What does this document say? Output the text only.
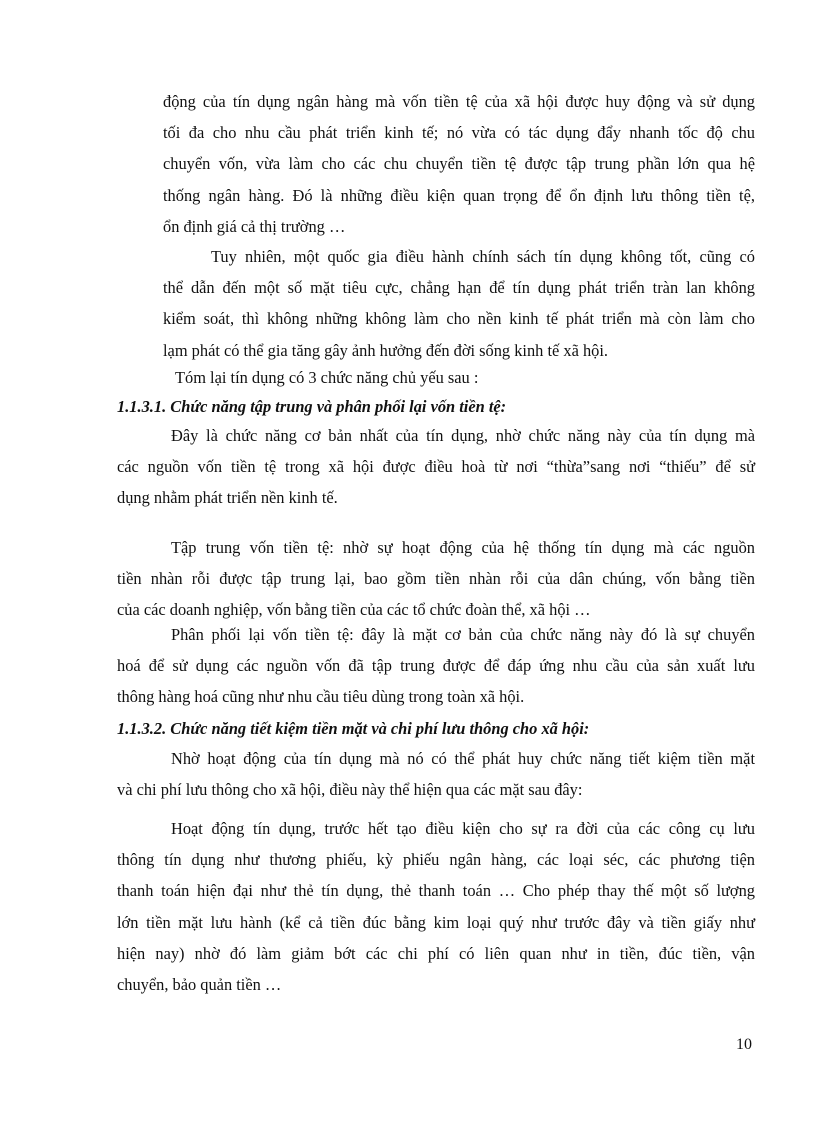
động của tín dụng ngân hàng mà vốn tiền tệ của xã hội được huy động và sử dụng
tối đa cho nhu cầu phát triển kinh tế; nó vừa có tác dụng đẩy nhanh tốc độ chu
chuyển vốn, vừa làm cho các chu chuyển tiền tệ được tập trung phần lớn qua hệ
thống ngân hàng. Đó là những điều kiện quan trọng để ổn định lưu thông tiền tệ,
ổn định giá cả thị trường …
Tuy nhiên, một quốc gia điều hành chính sách tín dụng không tốt, cũng có
thể dẫn đến một số mặt tiêu cực, chẳng hạn để tín dụng phát triển tràn lan không
kiểm soát, thì không những không làm cho nền kinh tế phát triển mà còn làm cho
lạm phát có thể gia tăng gây ảnh hưởng đến đời sống kinh tế xã hội.
Tóm lại tín dụng có 3 chức năng chủ yếu sau :
1.1.3.1. Chức năng tập trung và phân phối lại vốn tiền tệ:
Đây là chức năng cơ bản nhất của tín dụng, nhờ chức năng này của tín dụng mà
các nguồn vốn tiền tệ trong xã hội được điều hoà từ nơi “thừa”sang nơi “thiếu” để sử
dụng nhằm phát triển nền kinh tế.
Tập trung vốn tiền tệ: nhờ sự hoạt động của hệ thống tín dụng mà các nguồn
tiền nhàn rỗi được tập trung lại, bao gồm tiền nhàn rỗi của dân chúng, vốn bằng tiền
của các doanh nghiệp, vốn bằng tiền của các tổ chức đoàn thể, xã hội …
Phân phối lại vốn tiền tệ: đây là mặt cơ bản của chức năng này đó là sự chuyển
hoá để sử dụng các nguồn vốn đã tập trung được để đáp ứng nhu cầu của sản xuất lưu
thông hàng hoá cũng như nhu cầu tiêu dùng trong toàn xã hội.
1.1.3.2. Chức năng tiết kiệm tiền mặt và chi phí lưu thông cho xã hội:
Nhờ hoạt động của tín dụng mà nó có thể phát huy chức năng tiết kiệm tiền mặt
và chi phí lưu thông cho xã hội, điều này thể hiện qua các mặt sau đây:
Hoạt động tín dụng, trước hết tạo điều kiện cho sự ra đời của các công cụ lưu
thông tín dụng như thương phiếu, kỳ phiếu ngân hàng, các loại séc, các phương tiện
thanh toán hiện đại như thẻ tín dụng, thẻ thanh toán … Cho phép thay thế một số lượng
lớn tiền mặt lưu hành (kể cả tiền đúc bằng kim loại quý như trước đây và tiền giấy như
hiện nay) nhờ đó làm giảm bớt các chi phí có liên quan như in tiền, đúc tiền, vận
chuyển, bảo quản tiền …
10
